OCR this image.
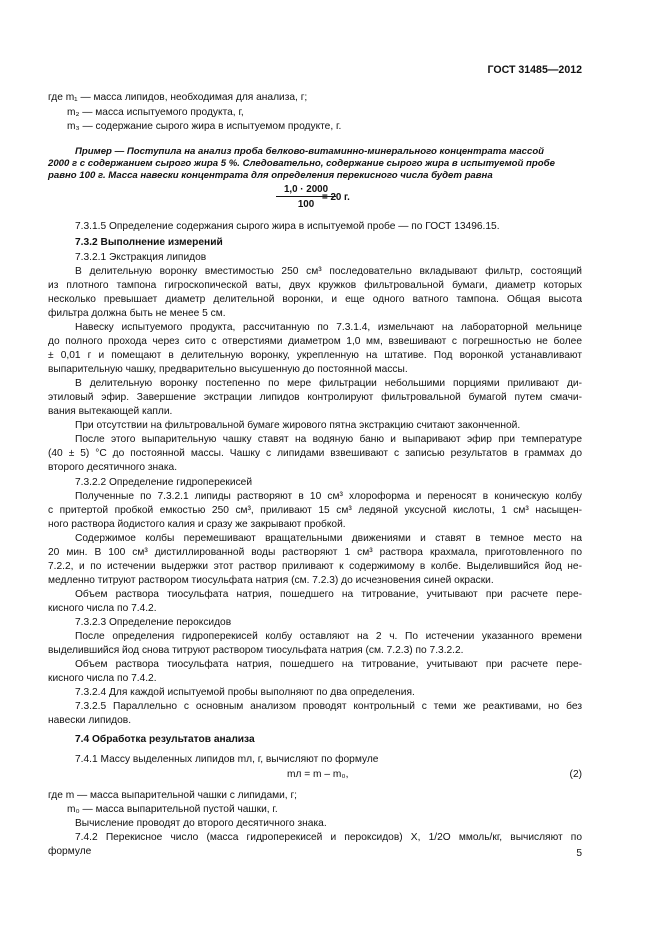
ГОСТ 31485—2012
где m₁ — масса липидов, необходимая для анализа, г;
m₂ — масса испытуемого продукта, г,
m₃ — содержание сырого жира в испытуемом продукте, г.
Пример — Поступила на анализ проба белково-витаминно-минерального концентрата массой
2000 г с содержанием сырого жира 5 %. Следовательно, содержание сырого жира в испытуемой пробе
равно 100 г. Масса навески концентрата для определения перекисного числа будет равна
$\frac{1,0 \cdot 2000}{100}$
= 20 г.
7.3.1.5 Определение содержания сырого жира в испытуемой пробе — по ГОСТ 13496.15.
7.3.2 Выполнение измерений
7.3.2.1 Экстракция липидов
В делительную воронку вместимостью 250 см³ последовательно вкладывают фильтр, состоящий
из плотного тампона гигроскопической ваты, двух кружков фильтровальной бумаги, диаметр которых
несколько превышает диаметр делительной воронки, и еще одного ватного тампона. Общая высота
фильтра должна быть не менее 5 см.
Навеску испытуемого продукта, рассчитанную по 7.3.1.4, измельчают на лабораторной мельнице
до полного прохода через сито с отверстиями диаметром 1,0 мм, взвешивают с погрешностью не более
± 0,01 г и помещают в делительную воронку, укрепленную на штативе. Под воронкой устанавливают
выпарительную чашку, предварительно высушенную до постоянной массы.
В делительную воронку постепенно по мере фильтрации небольшими порциями приливают ди-
этиловый эфир. Завершение экстрации липидов контролируют фильтровальной бумагой путем смачи-
вания вытекающей капли.
При отсутствии на фильтровальной бумаге жирового пятна экстракцию считают законченной.
После этого выпарительную чашку ставят на водяную баню и выпаривают эфир при температуре
(40 ± 5) °С до постоянной массы. Чашку с липидами взвешивают с записью результатов в граммах до
второго десятичного знака.
7.3.2.2 Определение гидроперекисей
Полученные по 7.3.2.1 липиды растворяют в 10 см³ хлороформа и переносят в коническую колбу
с притертой пробкой емкостью 250 см³, приливают 15 см³ ледяной уксусной кислоты, 1 см³ насыщен-
ного раствора йодистого калия и сразу же закрывают пробкой.
Содержимое колбы перемешивают вращательными движениями и ставят в темное место на
20 мин. В 100 см³ дистиллированной воды растворяют 1 см³ раствора крахмала, приготовленного по
7.2.2, и по истечении выдержки этот раствор приливают к содержимому в колбе. Выделившийся йод не-
медленно титруют раствором тиосульфата натрия (см. 7.2.3) до исчезновения синей окраски.
Объем раствора тиосульфата натрия, пошедшего на титрование, учитывают при расчете пере-
кисного числа по 7.4.2.
7.3.2.3 Определение пероксидов
После определения гидроперекисей колбу оставляют на 2 ч. По истечении указанного времени
выделившийся йод снова титруют раствором тиосульфата натрия (см. 7.2.3) по 7.3.2.2.
Объем раствора тиосульфата натрия, пошедшего на титрование, учитывают при расчете пере-
кисного числа по 7.4.2.
7.3.2.4 Для каждой испытуемой пробы выполняют по два определения.
7.3.2.5 Параллельно с основным анализом проводят контрольный с теми же реактивами, но без
навески липидов.
7.4 Обработка результатов анализа
7.4.1 Массу выделенных липидов mл, г, вычисляют по формуле
mл = m – m₀,	(2)
где m — масса выпарительной чашки с липидами, г;
m₀ — масса выпарительной пустой чашки, г.
Вычисление проводят до второго десятичного знака.
7.4.2 Перекисное число (масса гидроперекисей и пероксидов) X, 1/2О ммоль/кг, вычисляют по
формуле	5
